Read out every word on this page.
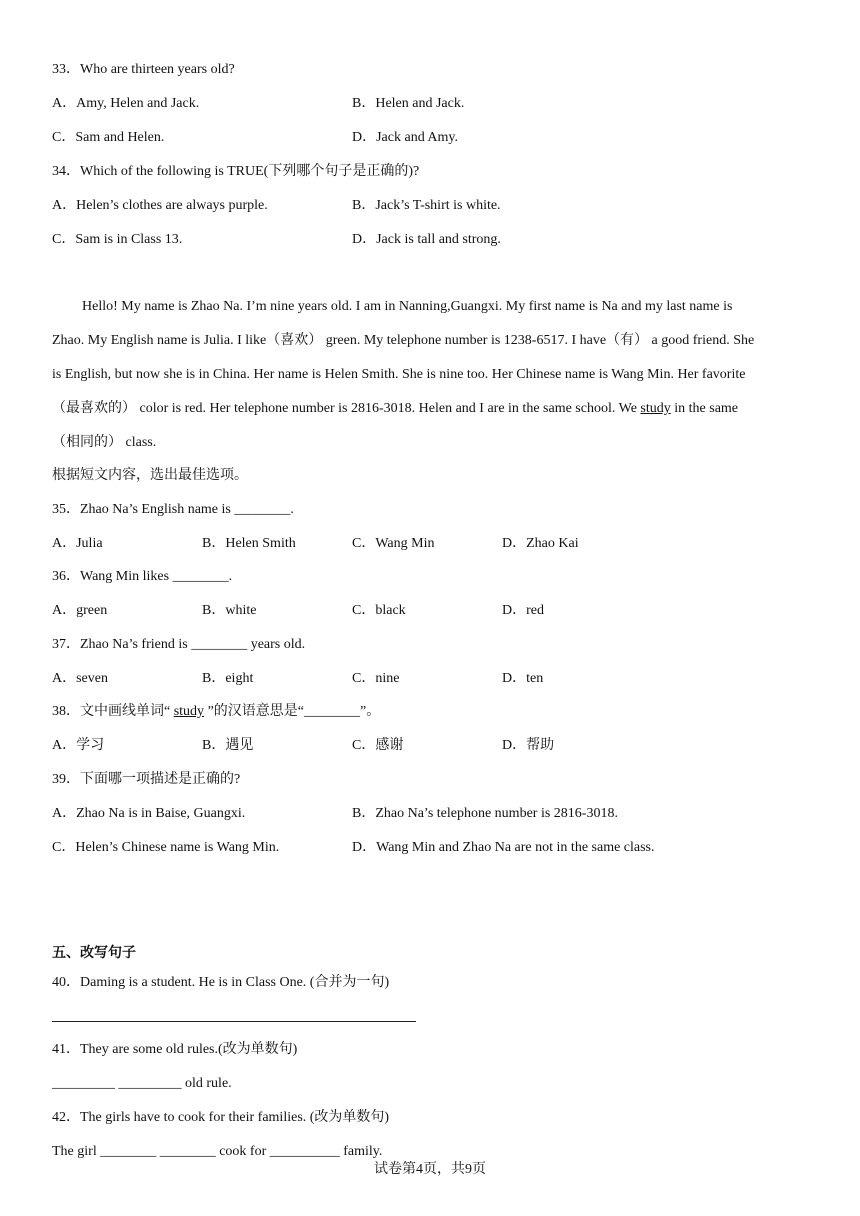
33．Who are thirteen years old?
A．Amy, Helen and Jack.	B．Helen and Jack.
C．Sam and Helen.	D．Jack and Amy.
34．Which of the following is TRUE(下列哪个句子是正确的)?
A．Helen’s clothes are always purple.	B．Jack’s T-shirt is white.
C．Sam is in Class 13.	D．Jack is tall and strong.
Hello! My name is Zhao Na. I’m nine years old. I am in Nanning,Guangxi. My first name is Na and my last name is
Zhao. My English name is Julia. I like（喜欢） green. My telephone number is 1238-6517. I have（有） a good friend. She
is English, but now she is in China. Her name is Helen Smith. She is nine too. Her Chinese name is Wang Min. Her favorite
（最喜欢的） color is red. Her telephone number is 2816-3018. Helen and I are in the same school. We study in the same
（相同的） class.
根据短文内容，选出最佳选项。
35．Zhao Na’s English name is ________.
A．Julia	B．Helen Smith	C．Wang Min	D．Zhao Kai
36．Wang Min likes ________.
A．green	B．white	C．black	D．red
37．Zhao Na’s friend is ________ years old.
A．seven	B．eight	C．nine	D．ten
38．文中画线单词“ study ”的汉语意思是“________”。
A．学习	B．遇见	C．感谢	D．帮助
39．下面哪一项描述是正确的?
A．Zhao Na is in Baise, Guangxi.	B．Zhao Na’s telephone number is 2816-3018.
C．Helen’s Chinese name is Wang Min.	D．Wang Min and Zhao Na are not in the same class.
五、改写句子
40．Daming is a student. He is in Class One. (合并为一句)
41．They are some old rules.(改为单数句)
_________ _________ old rule.
42．The girls have to cook for their families. (改为单数句)
The girl ________ ________ cook for __________ family.
试卷第4页，共9页
